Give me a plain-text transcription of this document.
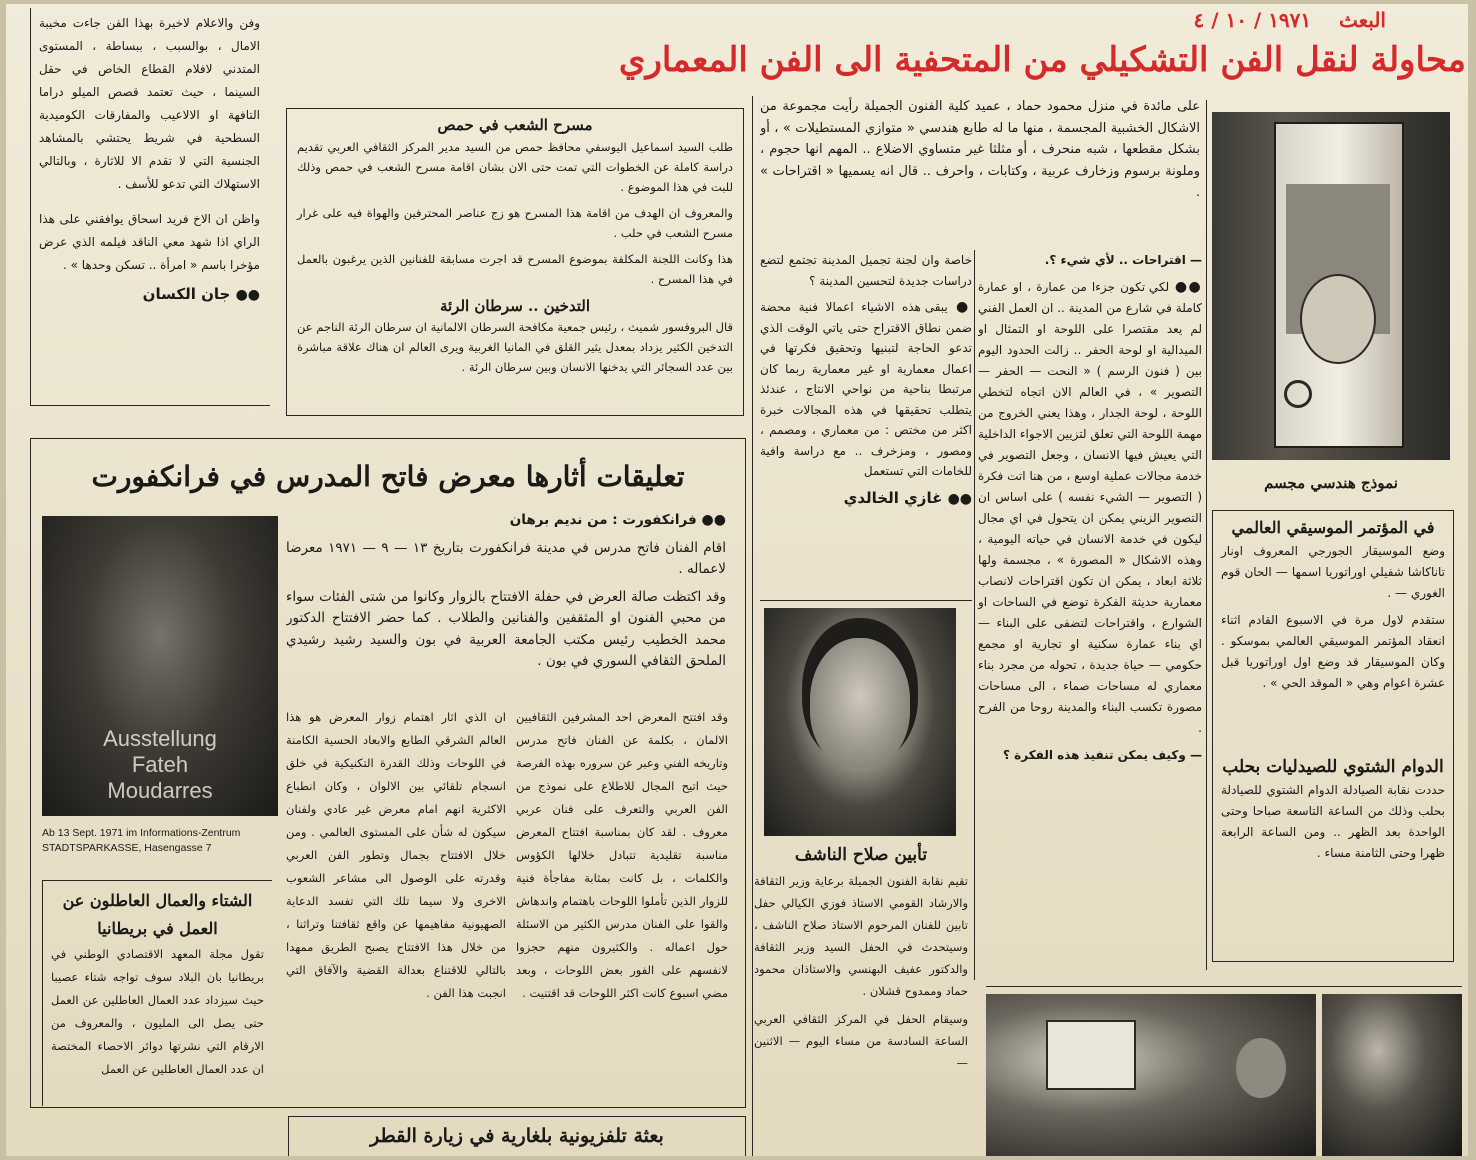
البعث    ١٩٧١ / ١٠ / ٤
محاولة لنقل الفن التشكيلي من المتحفية الى الفن المعماري

وفن والاعلام لاخيرة بهذا الفن جاءت مخيبة الامال ، بوالسبب ، ببساطة ، المستوى المتدني لافلام القطاع الخاص في حقل السينما ، حيث تعتمد قصص الميلو دراما التافهة او الالاعيب والمفارقات الكوميدية السطحية في شريط يحتشي بالمشاهد الجنسية التي لا تقدم الا للاثارة ، وبالتالي الاستهلاك التي تدعو للأسف .

واظن ان الاخ فريد اسحاق يوافقني على هذا الراي اذا شهد معي الناقد فيلمه الذي عرض مؤخرا باسم « امرأة .. تسكن وحدها » .

●● جان الكسان
مسرح الشعب في حمص

طلب السيد اسماعيل اليوسفي محافظ حمص من السيد مدير المركز الثقافي العربي تقديم دراسة كاملة عن الخطوات التي تمت حتى الان بشان اقامة مسرح الشعب في حمص وذلك للبت في هذا الموضوع .

والمعروف ان الهدف من اقامة هذا المسرح هو زج عناصر المحترفين والهواة فيه على غرار مسرح الشعب في حلب .

هذا وكانت اللجنة المكلفة بموضوع المسرح قد اجرت مسابقة للفنانين الذين يرغبون بالعمل في هذا المسرح .

التدخين .. سرطان الرئة

قال البروفسور شميث ، رئيس جمعية مكافحة السرطان الالمانية ان سرطان الرئة الناجم عن التدخين الكثير يزداد بمعدل يثير القلق في المانيا الغربية ويرى العالم ان هناك علاقة مباشرة بين عدد السجائر التي يدخنها الانسان وبين سرطان الرئة .

على مائدة في منزل محمود حماد ، عميد كلية الفنون الجميلة رأيت مجموعة من الاشكال الخشبية المجسمة ، منها ما له طابع هندسي « متوازي المستطيلات » ، أو بشكل مقطعها ، شبه منحرف ، أو مثلثا غير متساوي الاضلاع .. المهم انها حجوم ، وملونة برسوم وزخارف عربية ، وكتابات ، واحرف .. قال انه يسميها « اقتراحات » .

— اقتراحات .. لأي شيء ؟.

●● لكي تكون جزءا من عمارة ، او عمارة كاملة في شارع من المدينة .. ان العمل الفني لم يعد مقتصرا على اللوحة او التمثال او الميدالية او لوحة الحفر .. زالت الحدود اليوم بين ( فنون الرسم ) « النحت — الحفر — التصوير » ، في العالم الان اتجاه لتخطي اللوحة ، لوحة الجدار ، وهذا يعني الخروج من مهمة اللوحة التي تعلق لتزيين الاجواء الداخلية التي يعيش فيها الانسان ، وجعل التصوير في خدمة مجالات عملية اوسع ، من هنا اتت فكرة ( التصوير — الشيء نفسه ) على اساس ان التصوير الزيني يمكن ان يتحول في اي مجال ليكون في خدمة الانسان في حياته اليومية ، وهذه الاشكال « المصورة » ، مجسمة ولها ثلاثة ابعاد ، يمكن ان تكون اقتراحات لانصاب معمارية حديثة الفكرة توضع في الساحات او الشوارع ، واقتراحات لتضفى على البناء — اي بناء عمارة سكنية او تجارية او مجمع حكومي — حياة جديدة ، تحوله من مجرد بناء معماري له مساحات صماء ، الى مساحات مصورة تكسب البناء والمدينة روحا من الفرح .

— وكيف يمكن تنفيذ هذه الفكرة ؟

خاصة وان لجنة تجميل المدينة تجتمع لتضع دراسات جديدة لتحسين المدينة ؟

● يبقى هذه الاشياء اعمالا فنية محضة ضمن نطاق الاقتراح حتى ياتي الوقت الذي تدعو الحاجة لتبنيها وتحقيق فكرتها في اعمال معمارية او غير معمارية ربما كان مرتبطا بناحية من نواحي الانتاج ، عندئذ يتطلب تحقيقها في هذه المجالات خبرة اكثر من مختص : من معماري ، ومصمم ، ومصور ، ومزخرف .. مع دراسة وافية للخامات التي تستعمل

●● غازي الخالدي
نموذج هندسي مجسم
في المؤتمر الموسيقي العالمي

وضع الموسيقار الجورجي المعروف اونار تاناكاشا شفيلي اوراتوريا اسمها — الحان قوم الغوري — .

ستقدم لاول مرة في الاسبوع القادم اثناء انعقاد المؤتمر الموسيقي العالمي بموسكو . وكان الموسيقار قد وضع اول اوراتوريا قبل عشرة اعوام وهي « الموقد الحي » .

الدوام الشتوي للصيدليات بحلب

حددت نقابة الصيادلة الدوام الشتوي للصيادلة بحلب وذلك من الساعة التاسعة صباحا وحتى الواحدة بعد الظهر .. ومن الساعة الرابعة ظهرا وحتى الثامنة مساء .

تعليقات أثارها معرض فاتح المدرس في فرانكفورت

●● فرانكفورت : من نديم برهان

اقام الفنان فاتح مدرس في مدينة فرانكفورت بتاريخ ١٣ — ٩ — ١٩٧١ معرضا لاعماله .

وقد اكتظت صالة العرض في حفلة الافتتاح بالزوار وكانوا من شتى الفئات سواء من محبي الفنون او المثقفين والفنانين والطلاب . كما حضر الافتتاح الدكتور محمد الخطيب رئيس مكتب الجامعة العربية في بون والسيد رشيد رشيدي الملحق الثقافي السوري في بون .

وقد افتتح المعرض احد المشرفين الثقافيين الالمان ، بكلمة عن الفنان فاتح مدرس وتاريخه الفني وعبر عن سروره بهذه الفرصة حيث اتيح المجال للاطلاع على نموذج من الفن العربي والتعرف على فنان عربي معروف . لقد كان بمناسبة افتتاح المعرض مناسبة تقليدية تتبادل خلالها الكؤوس والكلمات ، بل كانت بمثابة مفاجأة فنية للزوار الذين تأملوا اللوحات باهتمام واندهاش والقوا على الفنان مدرس الكثير من الاسئلة حول اعماله . والكثيرون منهم حجزوا لانفسهم على الفور بعض اللوحات ، وبعد مضي اسبوع كانت اكثر اللوحات قد اقتنيت .
ان الذي اثار اهتمام زوار المعرض هو هذا العالم الشرقي الطابع والابعاد الحسية الكامنة في اللوحات وذلك القدرة التكنيكية في خلق انسجام تلقائي بين الالوان ، وكان انطباع الاكثرية انهم امام معرض غير عادي ولفنان سيكون له شأن على المستوى العالمي . ومن خلال الافتتاح بجمال وتطور الفن العربي وقدرته على الوصول الى مشاعر الشعوب الاخرى ولا سيما تلك التي تفسد الدعاية الصهيونية مفاهيمها عن واقع ثقافتنا وتراثنا ، من خلال هذا الافتتاح يصبح الطريق ممهدا بالتالي للاقتناع بعدالة القضية والآفاق التي انجبت هذا الفن .
Ausstellung
Fateh
Moudarres
Ab 13 Sept. 1971 im Informations-Zentrum
STADTSPARKASSE, Hasengasse 7
الشتاء والعمال العاطلون عن العمل في بريطانيا

تقول مجلة المعهد الاقتصادي الوطني في بريطانيا بان البلاد سوف تواجه شتاء عصيبا حيث سيزداد عدد العمال العاطلين عن العمل حتى يصل الى المليون ، والمعروف من الارقام التي نشرتها دوائر الاحصاء المختصة ان عدد العمال العاطلين عن العمل

بعثة تلفزيونية بلغارية في زيارة القطر
تأبين صلاح الناشف

تقيم نقابة الفنون الجميلة برعاية وزير الثقافة والارشاد القومي الاستاذ فوزي الكيالي حفل تابين للفنان المرحوم الاستاذ صلاح الناشف ، وسيتحدث في الحفل السيد وزير الثقافة والدكتور عفيف البهنسي والاستاذان محمود حماد وممدوح قشلان .

وسيقام الحفل في المركز الثقافي العربي الساعة السادسة من مساء اليوم — الاثنين —
